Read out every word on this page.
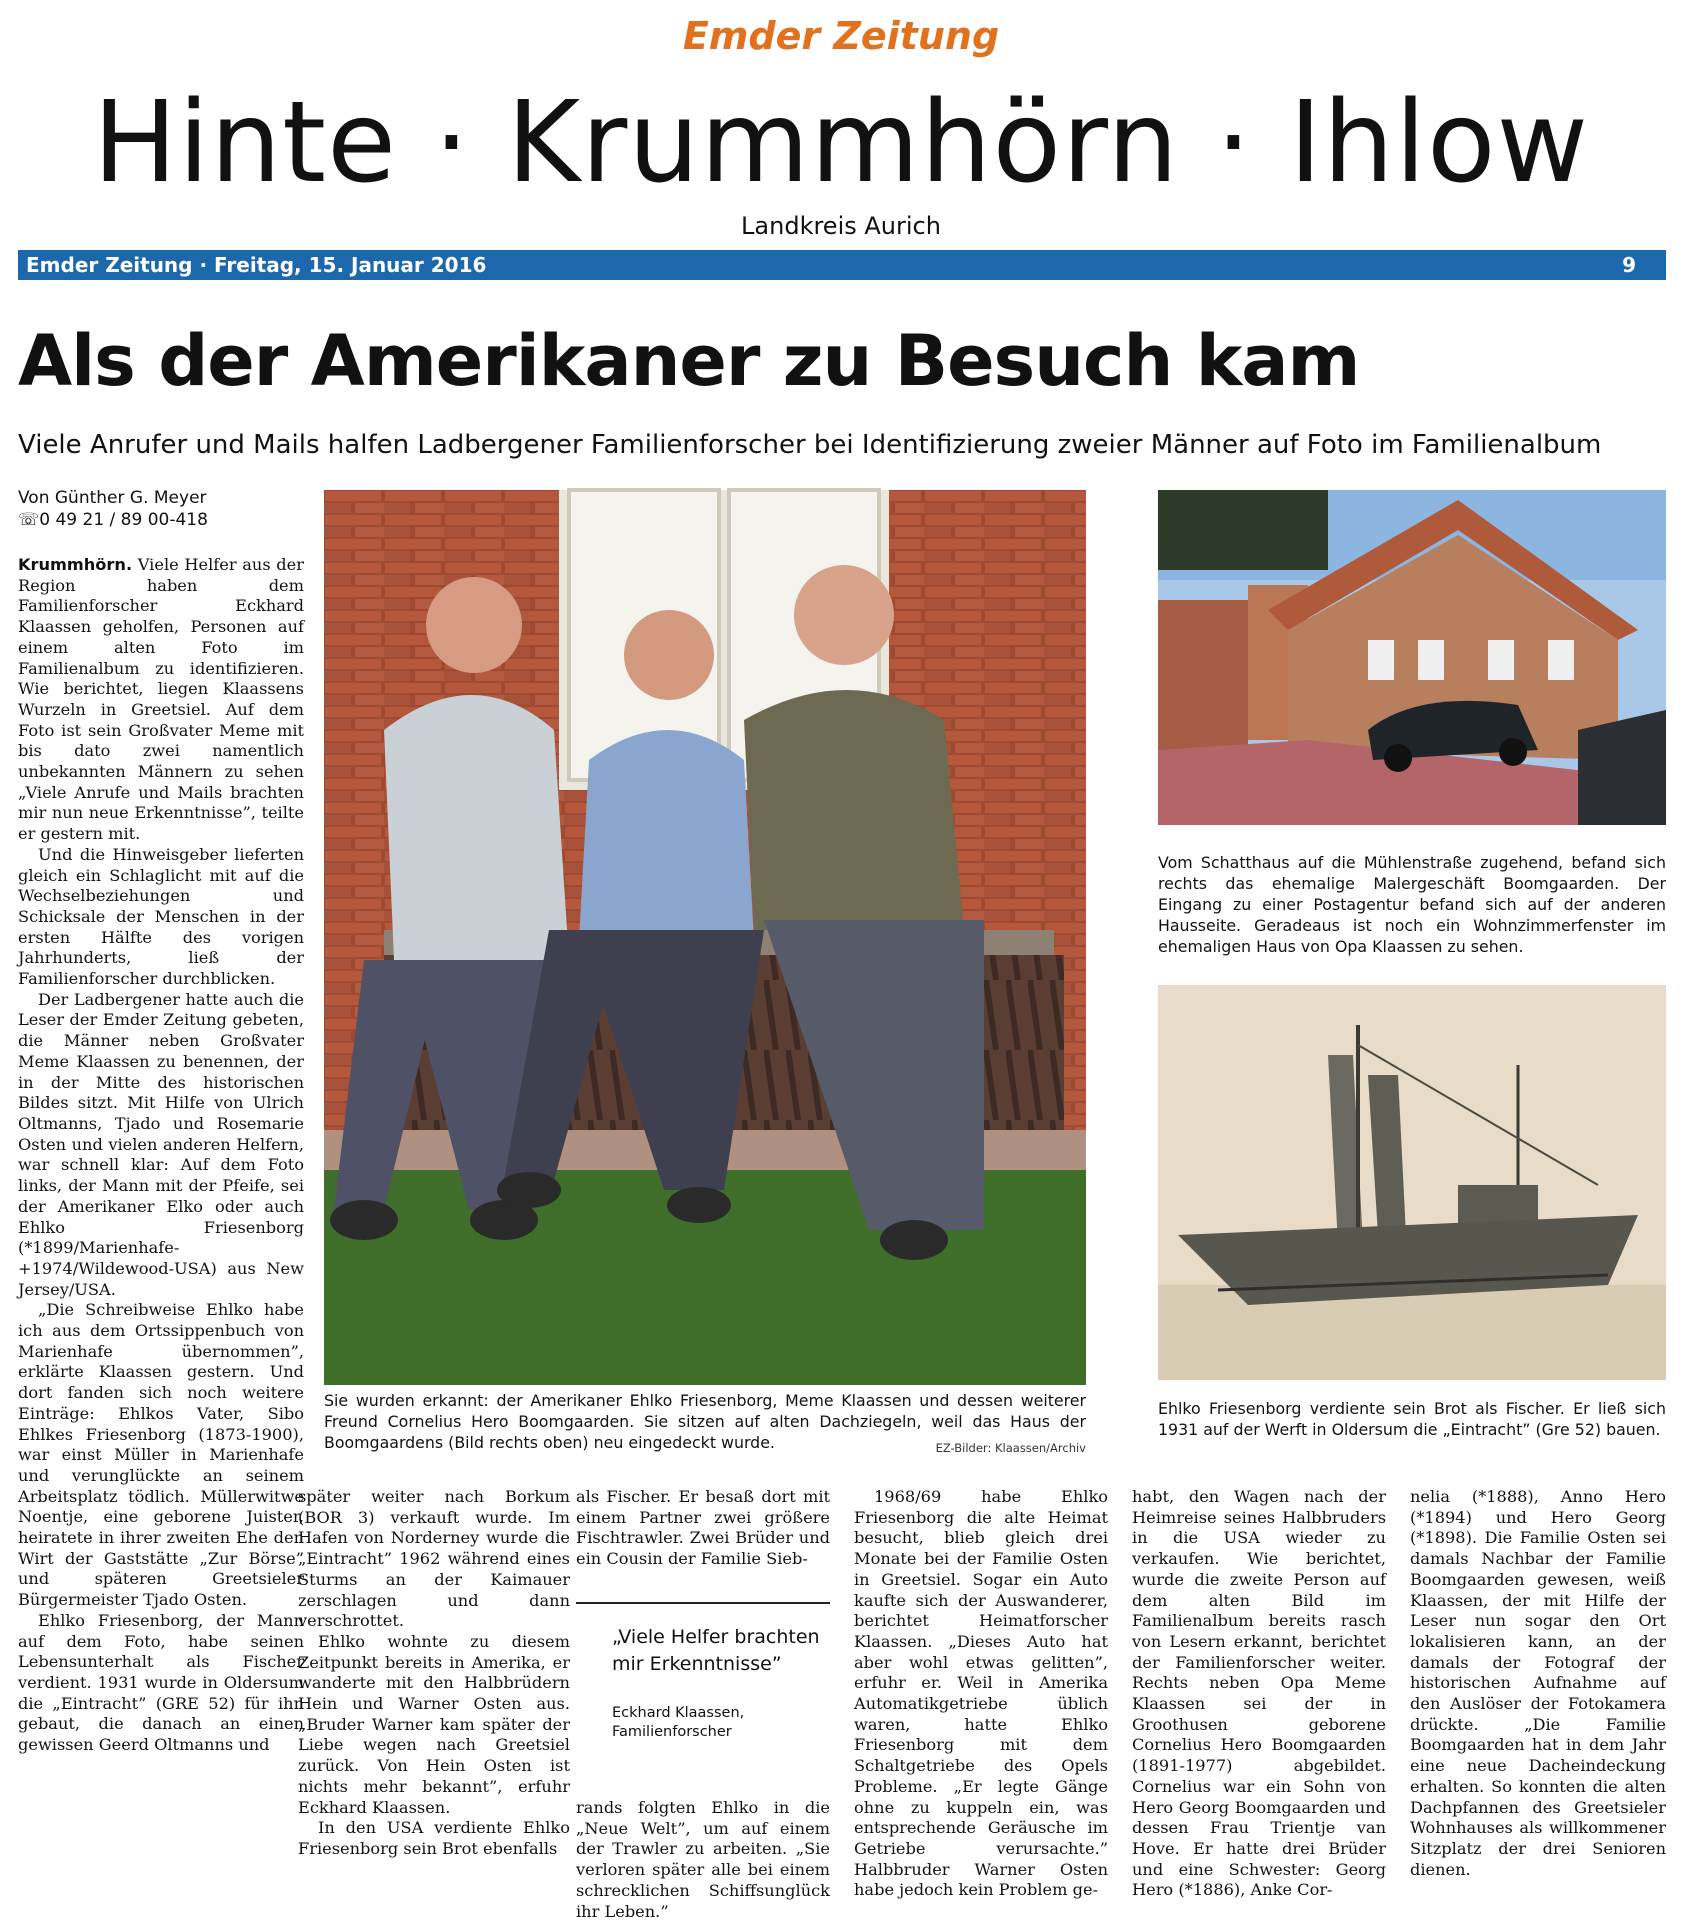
Emder Zeitung
Hinte · Krummhörn · Ihlow
Landkreis Aurich
Emder Zeitung · Freitag, 15. Januar 2016	9
Als der Amerikaner zu Besuch kam
Viele Anrufer und Mails halfen Ladbergener Familienforscher bei Identifizierung zweier Männer auf Foto im Familienalbum
Von Günther G. Meyer
☏0 49 21 / 89 00-418

Krummhörn. Viele Helfer aus der Region haben dem Familienforscher Eckhard Klaassen geholfen, Personen auf einem alten Foto im Familienalbum zu identifizieren. Wie berichtet, liegen Klaassens Wurzeln in Greetsiel. Auf dem Foto ist sein Großvater Meme mit bis dato zwei namentlich unbekannten Männern zu sehen „Viele Anrufe und Mails brachten mir nun neue Erkenntnisse”, teilte er gestern mit.

Und die Hinweisgeber lieferten gleich ein Schlaglicht mit auf die Wechselbeziehungen und Schicksale der Menschen in der ersten Hälfte des vorigen Jahrhunderts, ließ der Familienforscher durchblicken.

Der Ladbergener hatte auch die Leser der Emder Zeitung gebeten, die Männer neben Großvater Meme Klaassen zu benennen, der in der Mitte des historischen Bildes sitzt. Mit Hilfe von Ulrich Oltmanns, Tjado und Rosemarie Osten und vielen anderen Helfern, war schnell klar: Auf dem Foto links, der Mann mit der Pfeife, sei der Amerikaner Elko oder auch Ehlko Friesenborg (*1899/Marienhafe-+1974/Wildewood-USA) aus New Jersey/USA.

„Die Schreibweise Ehlko habe ich aus dem Ortssippenbuch von Marienhafe übernommen”, erklärte Klaassen gestern. Und dort fanden sich noch weitere Einträge: Ehlkos Vater, Sibo Ehlkes Friesenborg (1873-1900), war einst Müller in Marienhafe und verunglückte an seinem Arbeitsplatz tödlich. Müllerwitwe Noentje, eine geborene Juister, heiratete in ihrer zweiten Ehe den Wirt der Gaststätte „Zur Börse” und späteren Greetsieler Bürgermeister Tjado Osten.

Ehlko Friesenborg, der Mann auf dem Foto, habe seinen Lebensunterhalt als Fischer verdient. 1931 wurde in Oldersum die „Eintracht” (GRE 52) für ihn gebaut, die danach an einen gewissen Geerd Oltmanns und

Sie wurden erkannt: der Amerikaner Ehlko Friesenborg, Meme Klaassen und dessen weiterer Freund Cornelius Hero Boomgaarden. Sie sitzen auf alten Dachziegeln, weil das Haus der Boomgaardens (Bild rechts oben) neu eingedeckt wurde.	EZ-Bilder: Klaassen/Archiv
Vom Schatthaus auf die Mühlenstraße zugehend, befand sich rechts das ehemalige Malergeschäft Boomgaarden. Der Eingang zu einer Postagentur befand sich auf der anderen Hausseite. Geradeaus ist noch ein Wohnzimmerfenster im ehemaligen Haus von Opa Klaassen zu sehen.
Ehlko Friesenborg verdiente sein Brot als Fischer. Er ließ sich 1931 auf der Werft in Oldersum die „Eintracht” (Gre 52) bauen.

später weiter nach Borkum (BOR 3) verkauft wurde. Im Hafen von Norderney wurde die „Eintracht” 1962 während eines Sturms an der Kaimauer zerschlagen und dann verschrottet.

Ehlko wohnte zu diesem Zeitpunkt bereits in Amerika, er wanderte mit den Halbbrüdern Hein und Warner Osten aus. „Bruder Warner kam später der Liebe wegen nach Greetsiel zurück. Von Hein Osten ist nichts mehr bekannt”, erfuhr Eckhard Klaassen.

In den USA verdiente Ehlko Friesenborg sein Brot ebenfalls

als Fischer. Er besaß dort mit einem Partner zwei größere Fischtrawler. Zwei Brüder und ein Cousin der Familie Sieb-

„Viele Helfer brachten mir Erkenntnisse”
Eckhard Klaassen,
Familienforscher

rands folgten Ehlko in die „Neue Welt”, um auf einem der Trawler zu arbeiten. „Sie verloren später alle bei einem schrecklichen Schiffsunglück ihr Leben.”

1968/69 habe Ehlko Friesenborg die alte Heimat besucht, blieb gleich drei Monate bei der Familie Osten in Greetsiel. Sogar ein Auto kaufte sich der Auswanderer, berichtet Heimatforscher Klaassen. „Dieses Auto hat aber wohl etwas gelitten”, erfuhr er. Weil in Amerika Automatikgetriebe üblich waren, hatte Ehlko Friesenborg mit dem Schaltgetriebe des Opels Probleme. „Er legte Gänge ohne zu kuppeln ein, was entsprechende Geräusche im Getriebe verursachte.” Halbbruder Warner Osten habe jedoch kein Problem ge-

habt, den Wagen nach der Heimreise seines Halbbruders in die USA wieder zu verkaufen. Wie berichtet, wurde die zweite Person auf dem alten Bild im Familienalbum bereits rasch von Lesern erkannt, berichtet der Familienforscher weiter. Rechts neben Opa Meme Klaassen sei der in Groothusen geborene Cornelius Hero Boomgaarden (1891-1977) abgebildet. Cornelius war ein Sohn von Hero Georg Boomgaarden und dessen Frau Trientje van Hove. Er hatte drei Brüder und eine Schwester: Georg Hero (*1886), Anke Cor-

nelia (*1888), Anno Hero (*1894) und Hero Georg (*1898). Die Familie Osten sei damals Nachbar der Familie Boomgaarden gewesen, weiß Klaassen, der mit Hilfe der Leser nun sogar den Ort lokalisieren kann, an der damals der Fotograf der historischen Aufnahme auf den Auslöser der Fotokamera drückte. „Die Familie Boomgaarden hat in dem Jahr eine neue Dacheindeckung erhalten. So konnten die alten Dachpfannen des Greetsieler Wohnhauses als willkommener Sitzplatz der drei Senioren dienen.
